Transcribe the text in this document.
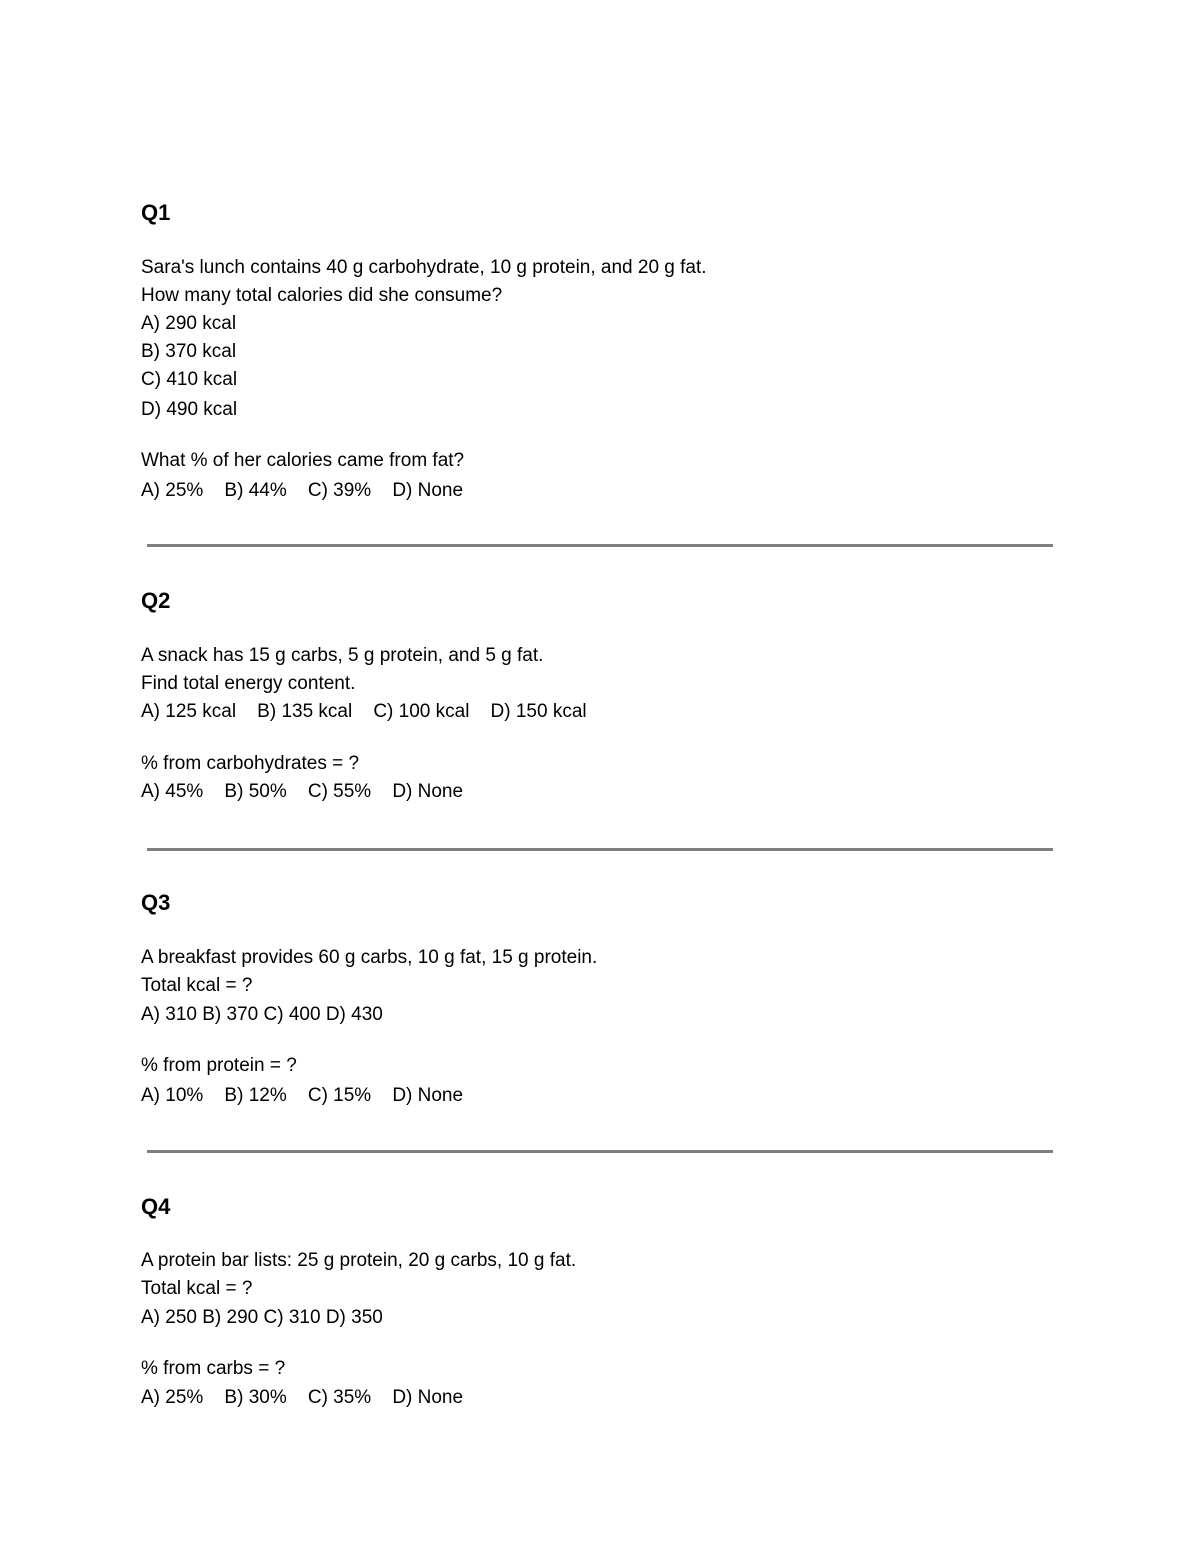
Q1

Sara's lunch contains 40 g carbohydrate, 10 g protein, and 20 g fat.

How many total calories did she consume?

A) 290 kcal

B) 370 kcal

C) 410 kcal

D) 490 kcal

What % of her calories came from fat?

A) 25%    B) 44%    C) 39%    D) None

Q2

A snack has 15 g carbs, 5 g protein, and 5 g fat.

Find total energy content.

A) 125 kcal    B) 135 kcal    C) 100 kcal    D) 150 kcal

% from carbohydrates = ?

A) 45%    B) 50%    C) 55%    D) None

Q3

A breakfast provides 60 g carbs, 10 g fat, 15 g protein.

Total kcal = ?

A) 310 B) 370 C) 400 D) 430

% from protein = ?

A) 10%    B) 12%    C) 15%    D) None

Q4

A protein bar lists: 25 g protein, 20 g carbs, 10 g fat.

Total kcal = ?

A) 250 B) 290 C) 310 D) 350

% from carbs = ?

A) 25%    B) 30%    C) 35%    D) None
